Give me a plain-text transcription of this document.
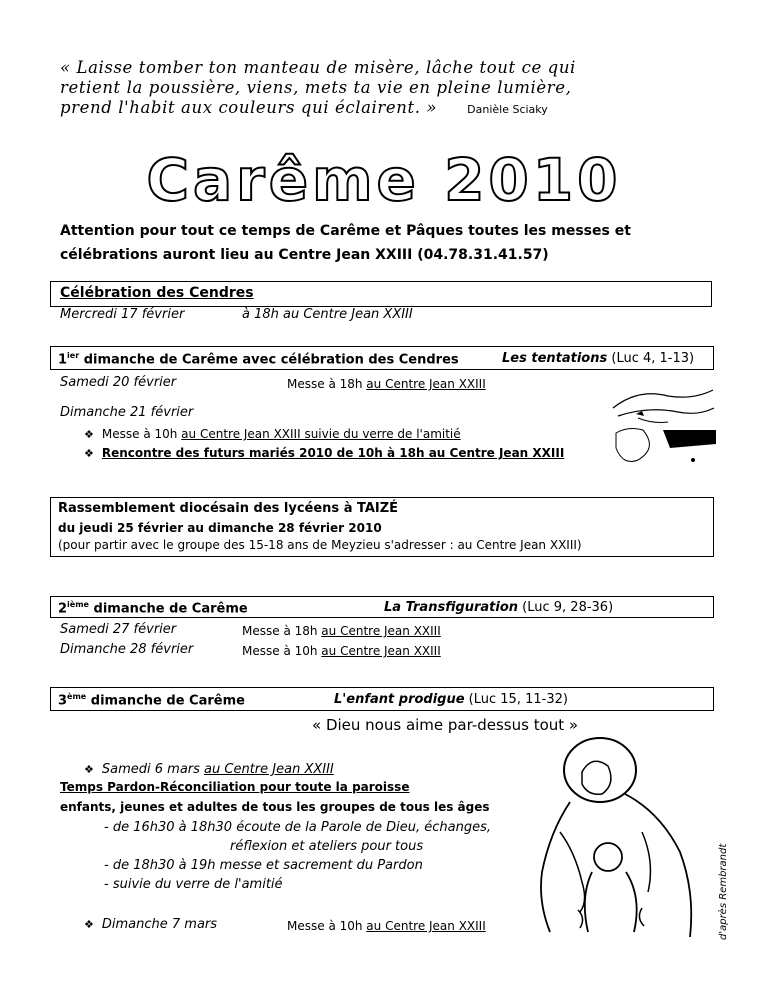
« Laisse tomber ton manteau de misère, lâche tout ce qui
retient la poussière, viens, mets ta vie en pleine lumière,
prend l'habit aux couleurs qui éclairent. »	Danièle Sciaky
Carême 2010
Attention pour tout ce temps de Carême et Pâques toutes les messes et
célébrations auront lieu au Centre Jean XXIII (04.78.31.41.57)
Célébration des Cendres
Mercredi 17 février	à 18h au Centre Jean XXIII
$1^{ier}$ dimanche de Carême avec célébration des Cendres	Les tentations (Luc 4, 1-13)
Samedi 20 février	Messe à 18h au Centre Jean XXIII
Dimanche 21 février
❖ Messe à 10h au Centre Jean XXIII suivie du verre de l'amitié
❖ Rencontre des futurs mariés 2010 de 10h à 18h au Centre Jean XXIII
Rassemblement diocésain des lycéens à TAIZÉ
du jeudi 25 février au dimanche 28 février 2010
(pour partir avec le groupe des 15-18 ans de Meyzieu s'adresser : au Centre Jean XXIII)
2ième dimanche de Carême	La Transfiguration (Luc 9, 28-36)
Samedi 27 février	Messe à 18h au Centre Jean XXIII
Dimanche 28 février	Messe à 10h au Centre Jean XXIII
3ème dimanche de Carême	L'enfant prodigue (Luc 15, 11-32)
« Dieu nous aime par-dessus tout »
❖ Samedi 6 mars au Centre Jean XXIII
Temps Pardon-Réconciliation pour toute la paroisse
enfants, jeunes et adultes de tous les groupes de tous les âges
- de 16h30 à 18h30 écoute de la Parole de Dieu, échanges,
réflexion et ateliers pour tous
- de 18h30 à 19h messe et sacrement du Pardon
- suivie du verre de l'amitié
❖ Dimanche 7 mars	Messe à 10h au Centre Jean XXIII	d'après Rembrandt
